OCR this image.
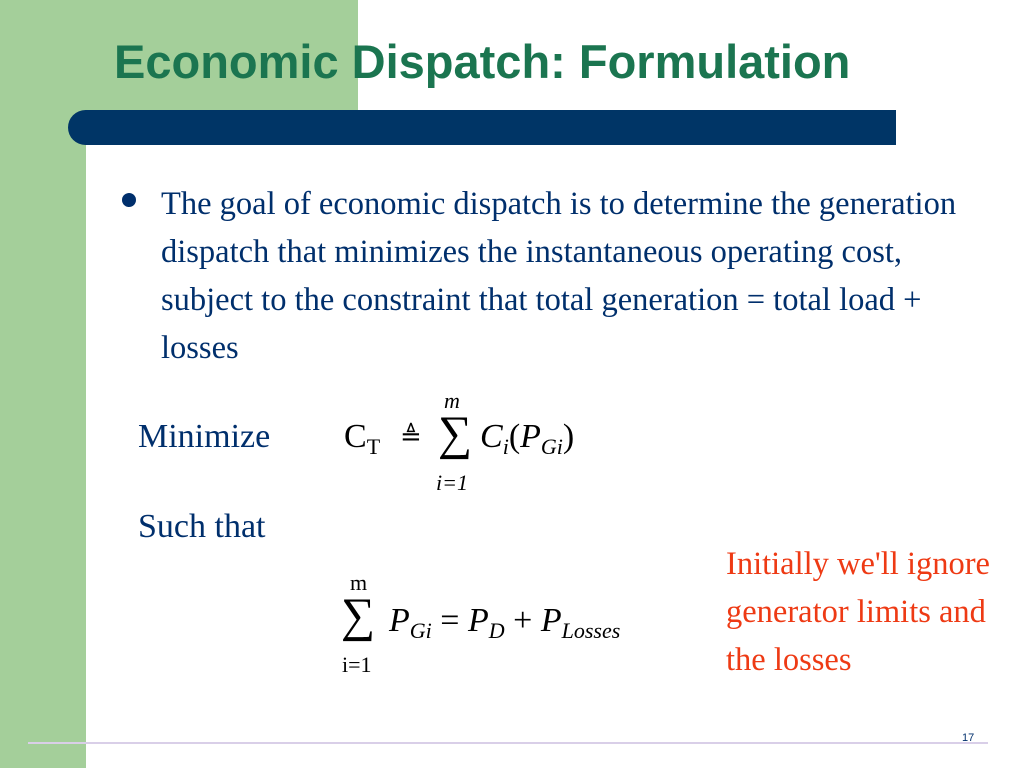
Economic Dispatch: Formulation

The goal of economic dispatch is to determine the generation dispatch that minimizes the instantaneous operating cost, subject to the constraint that total generation = total load + losses

Minimize $C_T$ ≜ ∑
m
i=1
$C_i(P_{Gi})$
Such that
∑
m
i=1
$P_{Gi} = P_D + P_{Losses}$

Initially we'll ignore generator limits and the losses

17
